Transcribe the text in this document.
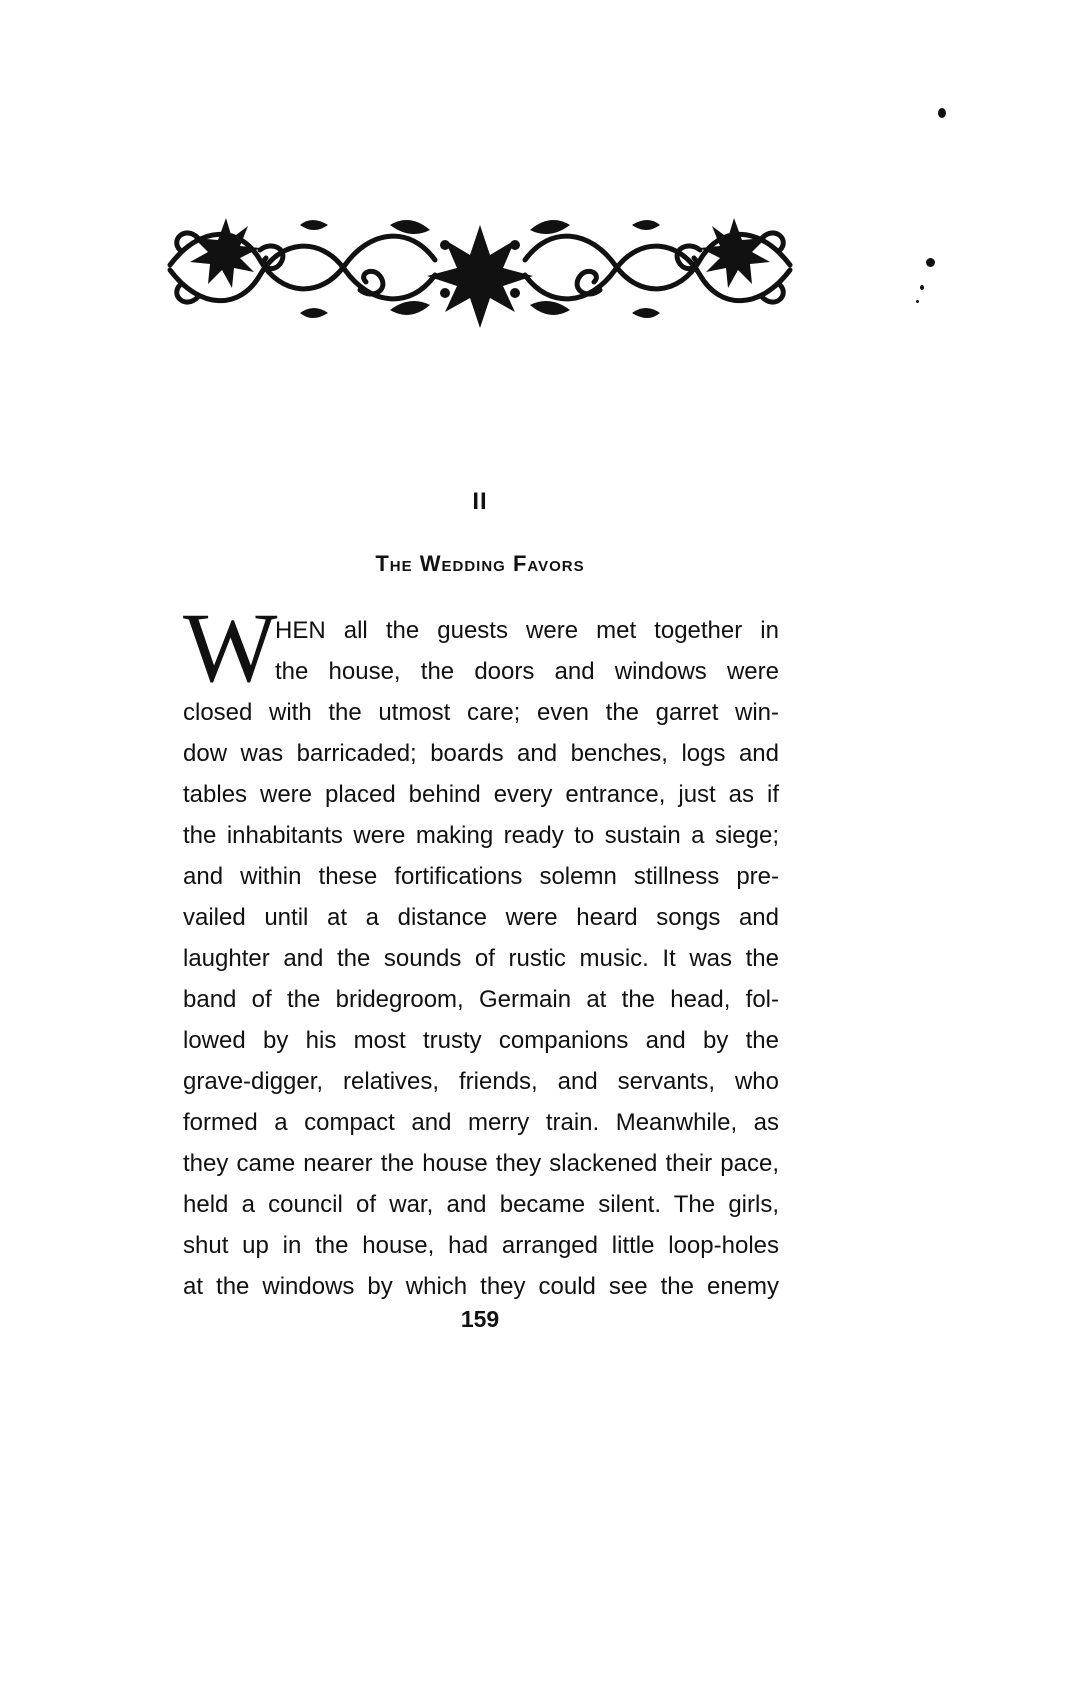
II
The Wedding Favors
W
HEN all the guests were met together in
the house, the doors and windows were
closed with the utmost care; even the garret win-
dow was barricaded; boards and benches, logs and
tables were placed behind every entrance, just as if
the inhabitants were making ready to sustain a siege;
and within these fortifications solemn stillness pre-
vailed until at a distance were heard songs and
laughter and the sounds of rustic music. It was the
band of the bridegroom, Germain at the head, fol-
lowed by his most trusty companions and by the
grave-digger, relatives, friends, and servants, who
formed a compact and merry train. Meanwhile, as
they came nearer the house they slackened their pace,
held a council of war, and became silent. The girls,
shut up in the house, had arranged little loop-holes
at the windows by which they could see the enemy
159
